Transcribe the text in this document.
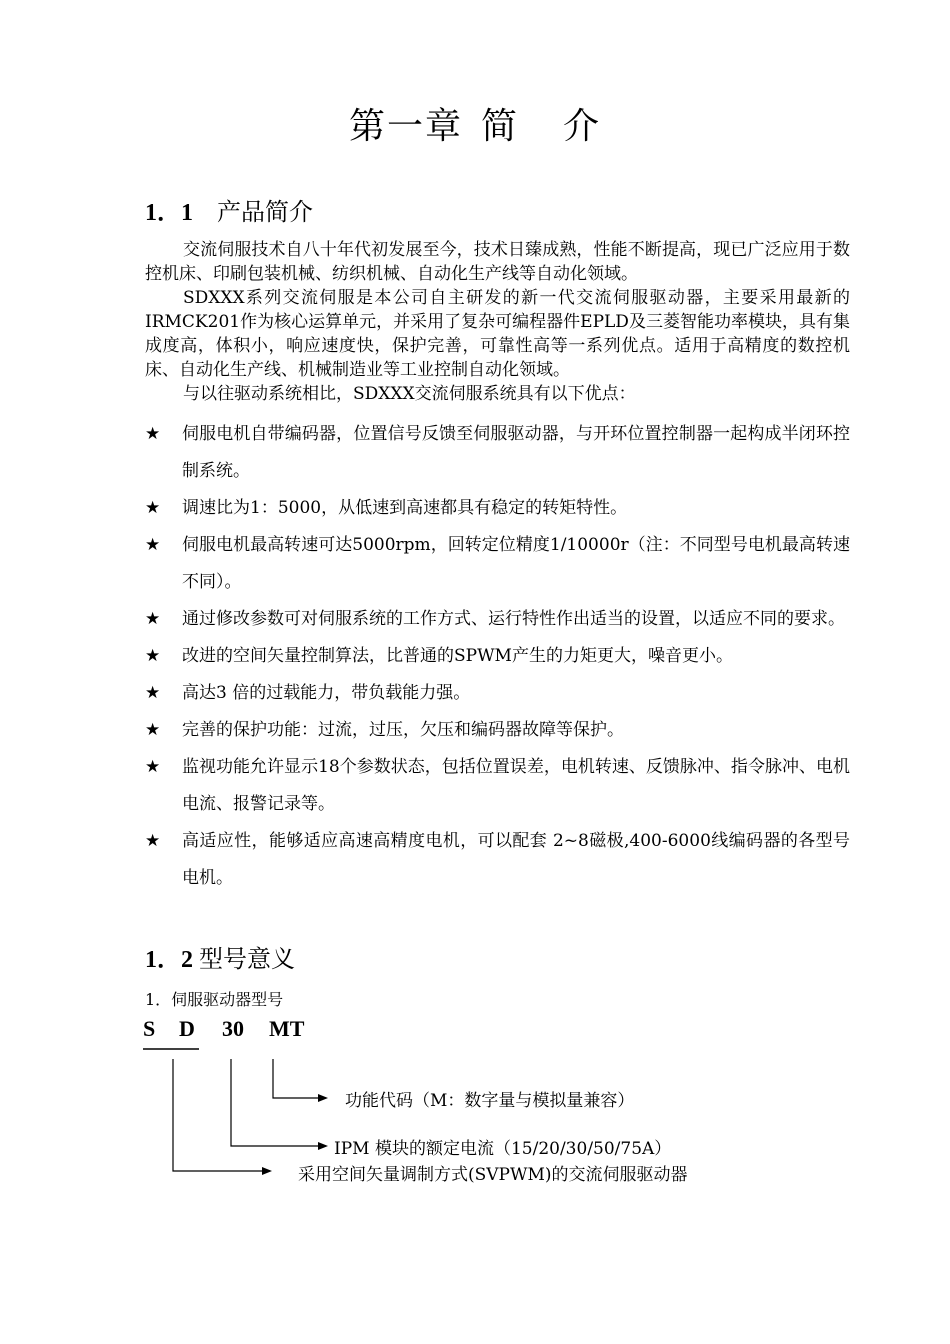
第一章 简 介
1．1 产品简介
交流伺服技术自八十年代初发展至今，技术日臻成熟，性能不断提高，现已广泛应用于数控机床、印刷包装机械、纺织机械、自动化生产线等自动化领域。
SDXXX系列交流伺服是本公司自主研发的新一代交流伺服驱动器，主要采用最新的IRMCK201作为核心运算单元，并采用了复杂可编程器件EPLD及三菱智能功率模块，具有集成度高，体积小，响应速度快，保护完善，可靠性高等一系列优点。适用于高精度的数控机床、自动化生产线、机械制造业等工业控制自动化领域。
与以往驱动系统相比，SDXXX交流伺服系统具有以下优点：
★	伺服电机自带编码器，位置信号反馈至伺服驱动器，与开环位置控制器一起构成半闭环控制系统。
★	调速比为1：5000，从低速到高速都具有稳定的转矩特性。
★	伺服电机最高转速可达5000rpm，回转定位精度1/10000r（注：不同型号电机最高转速不同）。
★	通过修改参数可对伺服系统的工作方式、运行特性作出适当的设置，以适应不同的要求。
★	改进的空间矢量控制算法，比普通的SPWM产生的力矩更大，噪音更小。
★	高达3 倍的过载能力，带负载能力强。
★	完善的保护功能：过流，过压，欠压和编码器故障等保护。
★	监视功能允许显示18个参数状态，包括位置误差，电机转速、反馈脉冲、指令脉冲、电机电流、报警记录等。
★	高适应性，能够适应高速高精度电机，可以配套 2~8磁极,400-6000线编码器的各型号电机。
1．2 型号意义
1．伺服驱动器型号
S D 30 MT
功能代码（M：数字量与模拟量兼容）
IPM 模块的额定电流（15/20/30/50/75A）
采用空间矢量调制方式(SVPWM)的交流伺服驱动器
